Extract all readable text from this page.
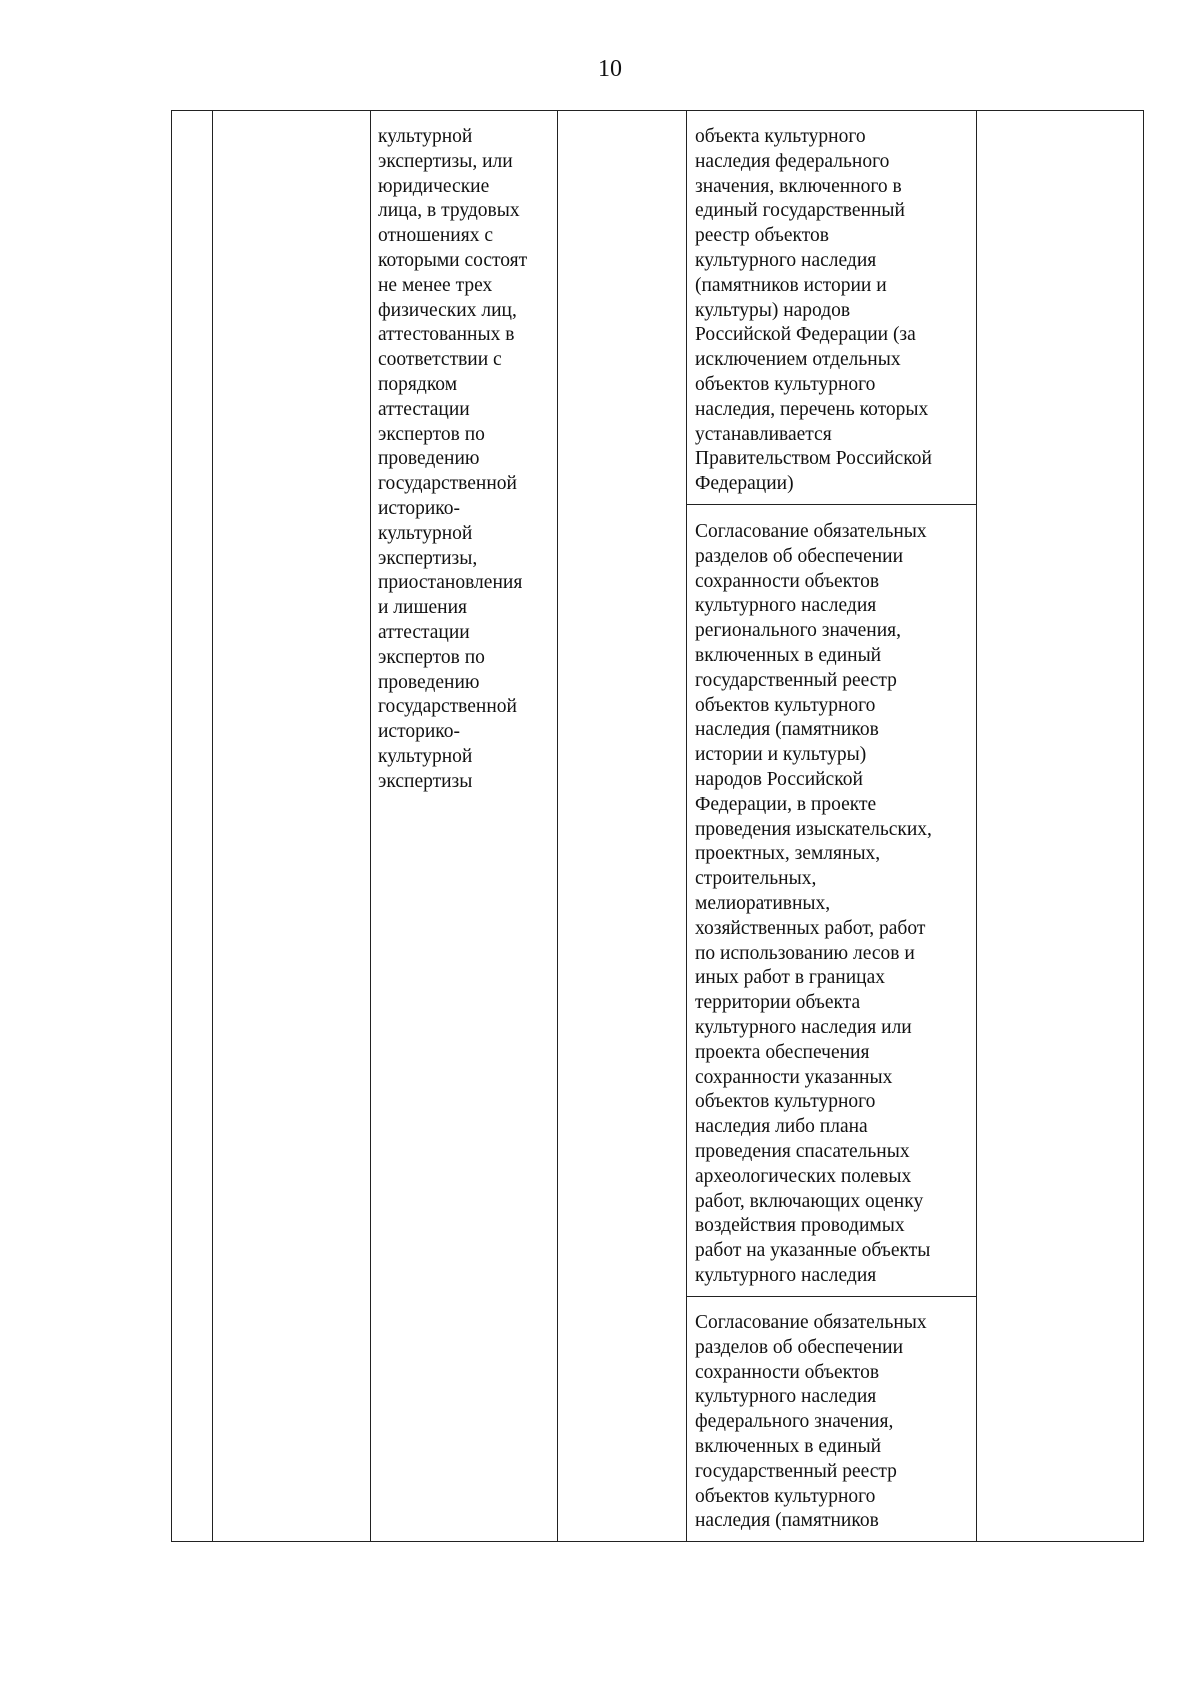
10

культурной
экспертизы, или
юридические
лица, в трудовых
отношениях с
которыми состоят
не менее трех
физических лиц,
аттестованных в
соответствии с
порядком
аттестации
экспертов по
проведению
государственной
историко-
культурной
экспертизы,
приостановления
и лишения
аттестации
экспертов по
проведению
государственной
историко-
культурной
экспертизы

объекта культурного
наследия федерального
значения, включенного в
единый государственный
реестр объектов
культурного наследия
(памятников истории и
культуры) народов
Российской Федерации (за
исключением отдельных
объектов культурного
наследия, перечень которых
устанавливается
Правительством Российской
Федерации)

Согласование обязательных
разделов об обеспечении
сохранности объектов
культурного наследия
регионального значения,
включенных в единый
государственный реестр
объектов культурного
наследия (памятников
истории и культуры)
народов Российской
Федерации, в проекте
проведения изыскательских,
проектных, земляных,
строительных,
мелиоративных,
хозяйственных работ, работ
по использованию лесов и
иных работ в границах
территории объекта
культурного наследия или
проекта обеспечения
сохранности указанных
объектов культурного
наследия либо плана
проведения спасательных
археологических полевых
работ, включающих оценку
воздействия проводимых
работ на указанные объекты
культурного наследия

Согласование обязательных
разделов об обеспечении
сохранности объектов
культурного наследия
федерального значения,
включенных в единый
государственный реестр
объектов культурного
наследия (памятников
